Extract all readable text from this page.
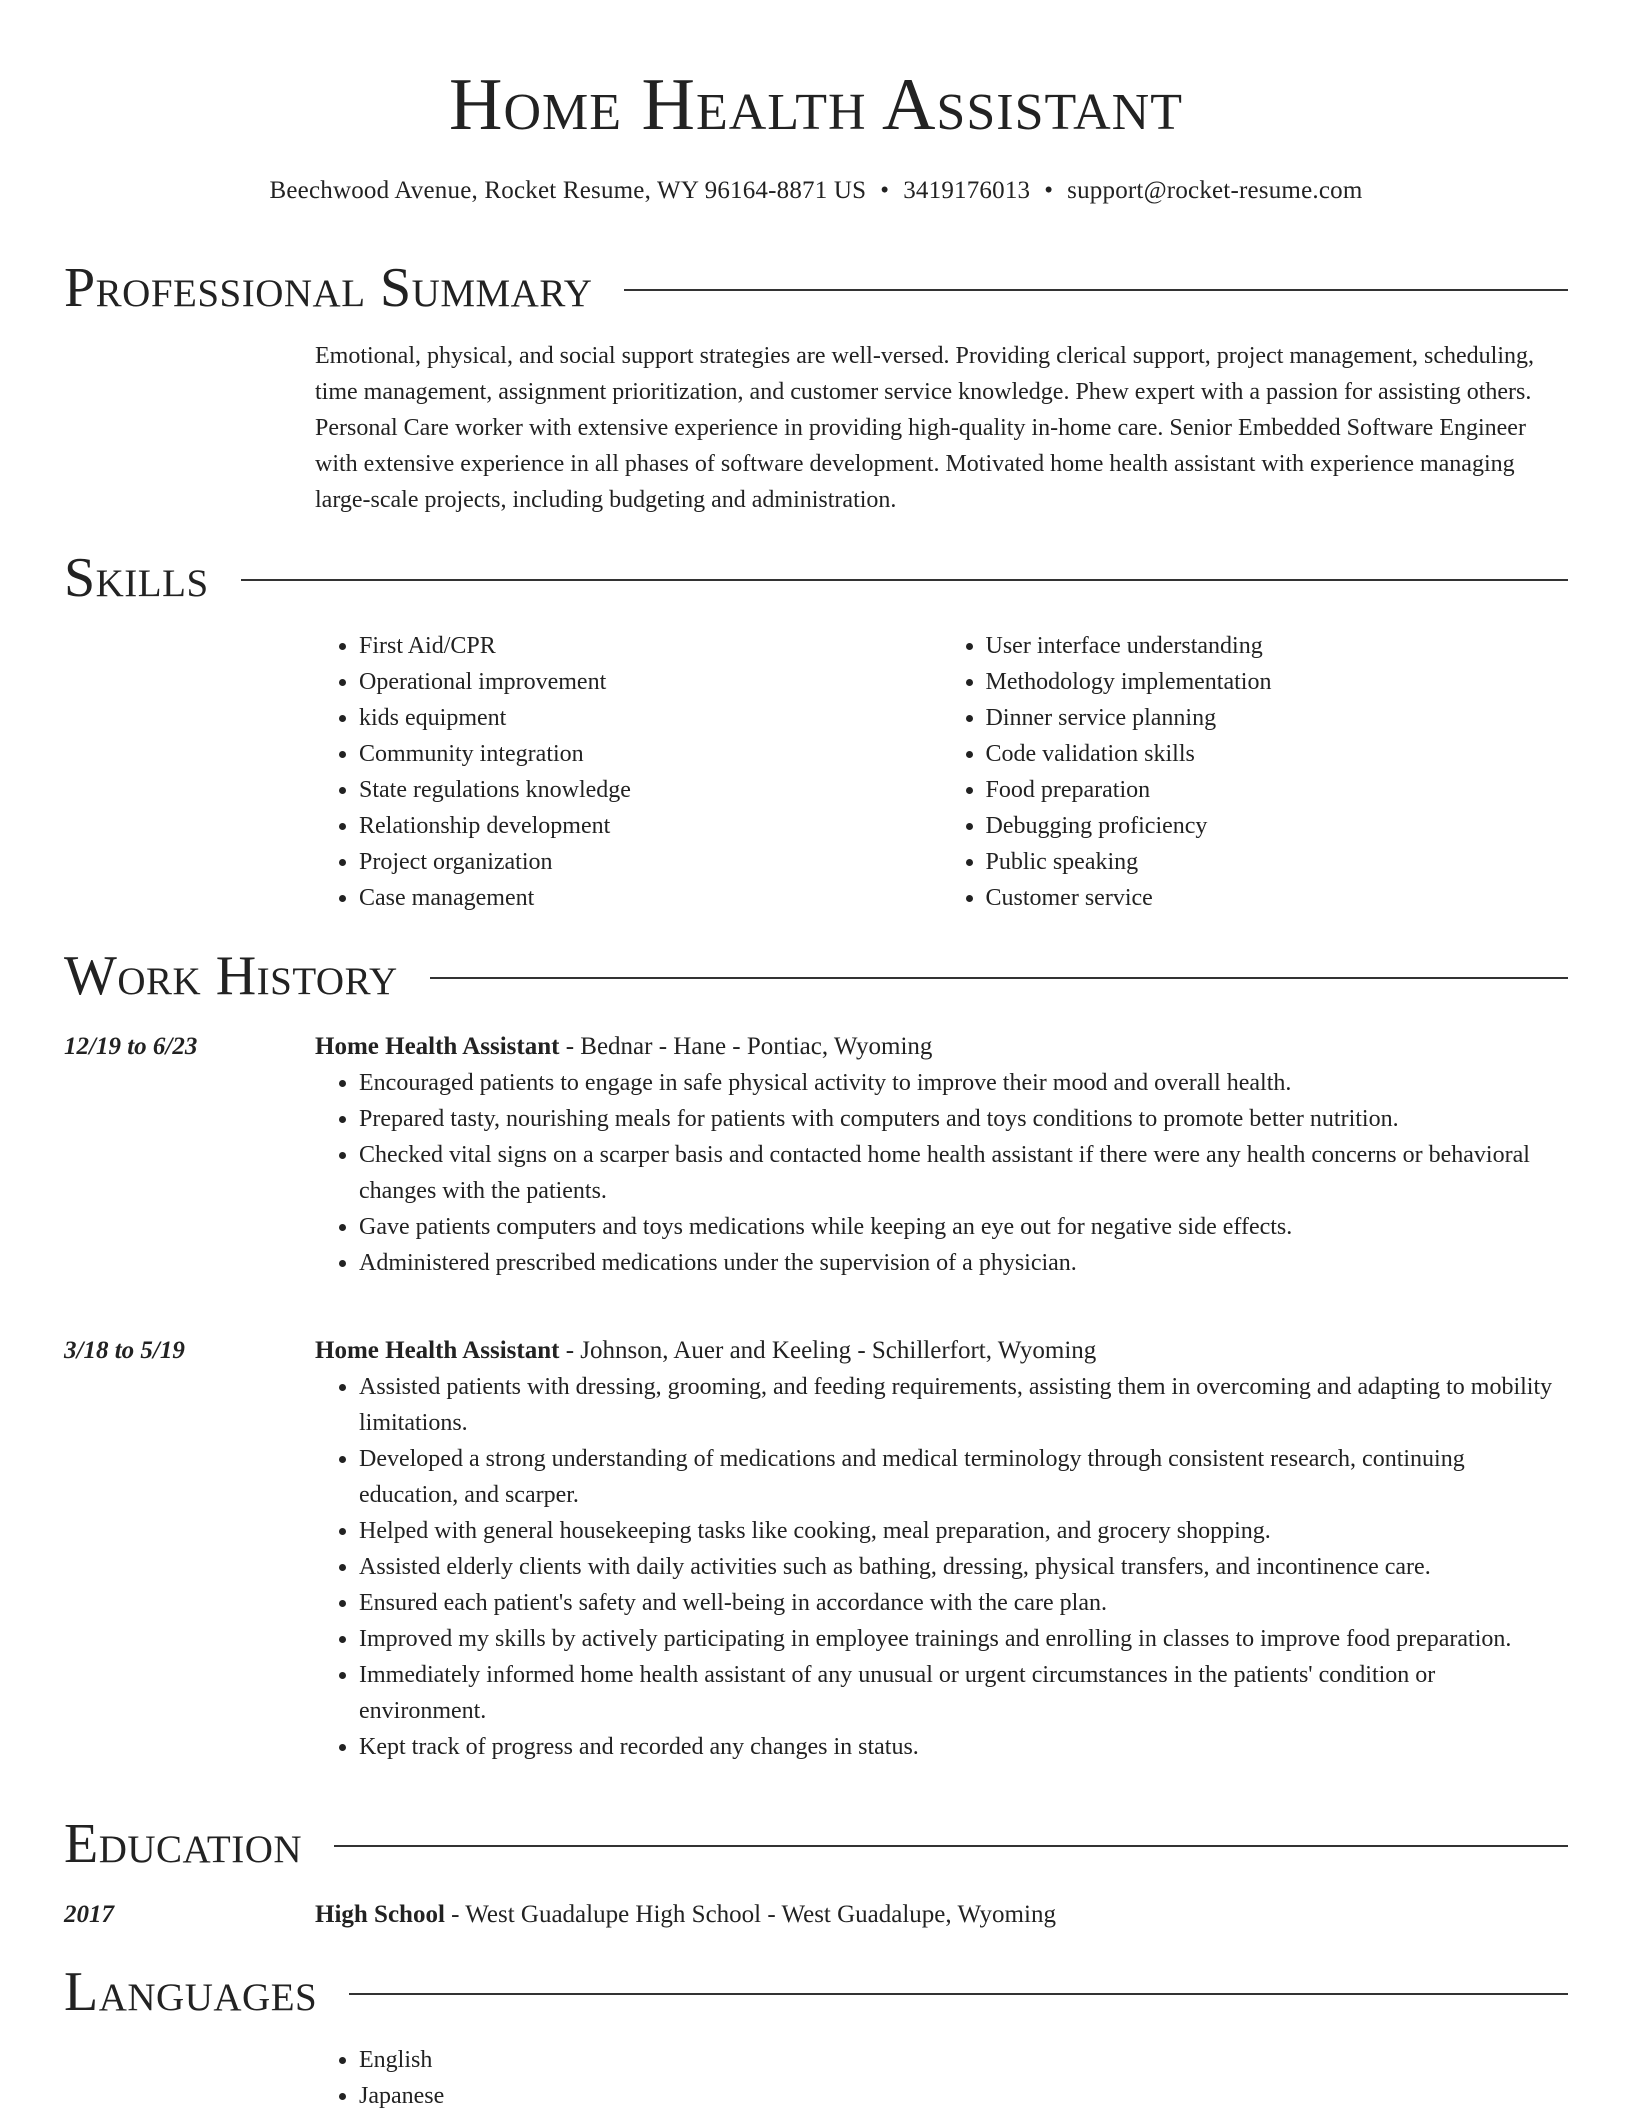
Home Health Assistant
Beechwood Avenue, Rocket Resume, WY 96164-8871 US • 3419176013 • support@rocket-resume.com
Professional Summary

Emotional, physical, and social support strategies are well-versed. Providing clerical support, project management, scheduling, time management, assignment prioritization, and customer service knowledge. Phew expert with a passion for assisting others. Personal Care worker with extensive experience in providing high-quality in-home care. Senior Embedded Software Engineer with extensive experience in all phases of software development. Motivated home health assistant with experience managing large-scale projects, including budgeting and administration.

Skills
• First Aid/CPR
• Operational improvement
• kids equipment
• Community integration
• State regulations knowledge
• Relationship development
• Project organization
• Case management
• User interface understanding
• Methodology implementation
• Dinner service planning
• Code validation skills
• Food preparation
• Debugging proficiency
• Public speaking
• Customer service
Work History
12/19 to 6/23	Home Health Assistant - Bednar - Hane - Pontiac, Wyoming
• Encouraged patients to engage in safe physical activity to improve their mood and overall health.
• Prepared tasty, nourishing meals for patients with computers and toys conditions to promote better nutrition.
• Checked vital signs on a scarper basis and contacted home health assistant if there were any health concerns or behavioral changes with the patients.
• Gave patients computers and toys medications while keeping an eye out for negative side effects.
• Administered prescribed medications under the supervision of a physician.
3/18 to 5/19	Home Health Assistant - Johnson, Auer and Keeling - Schillerfort, Wyoming
• Assisted patients with dressing, grooming, and feeding requirements, assisting them in overcoming and adapting to mobility limitations.
• Developed a strong understanding of medications and medical terminology through consistent research, continuing education, and scarper.
• Helped with general housekeeping tasks like cooking, meal preparation, and grocery shopping.
• Assisted elderly clients with daily activities such as bathing, dressing, physical transfers, and incontinence care.
• Ensured each patient's safety and well-being in accordance with the care plan.
• Improved my skills by actively participating in employee trainings and enrolling in classes to improve food preparation.
• Immediately informed home health assistant of any unusual or urgent circumstances in the patients' condition or environment.
• Kept track of progress and recorded any changes in status.
Education
2017	High School - West Guadalupe High School - West Guadalupe, Wyoming
Languages
• English
• Japanese
